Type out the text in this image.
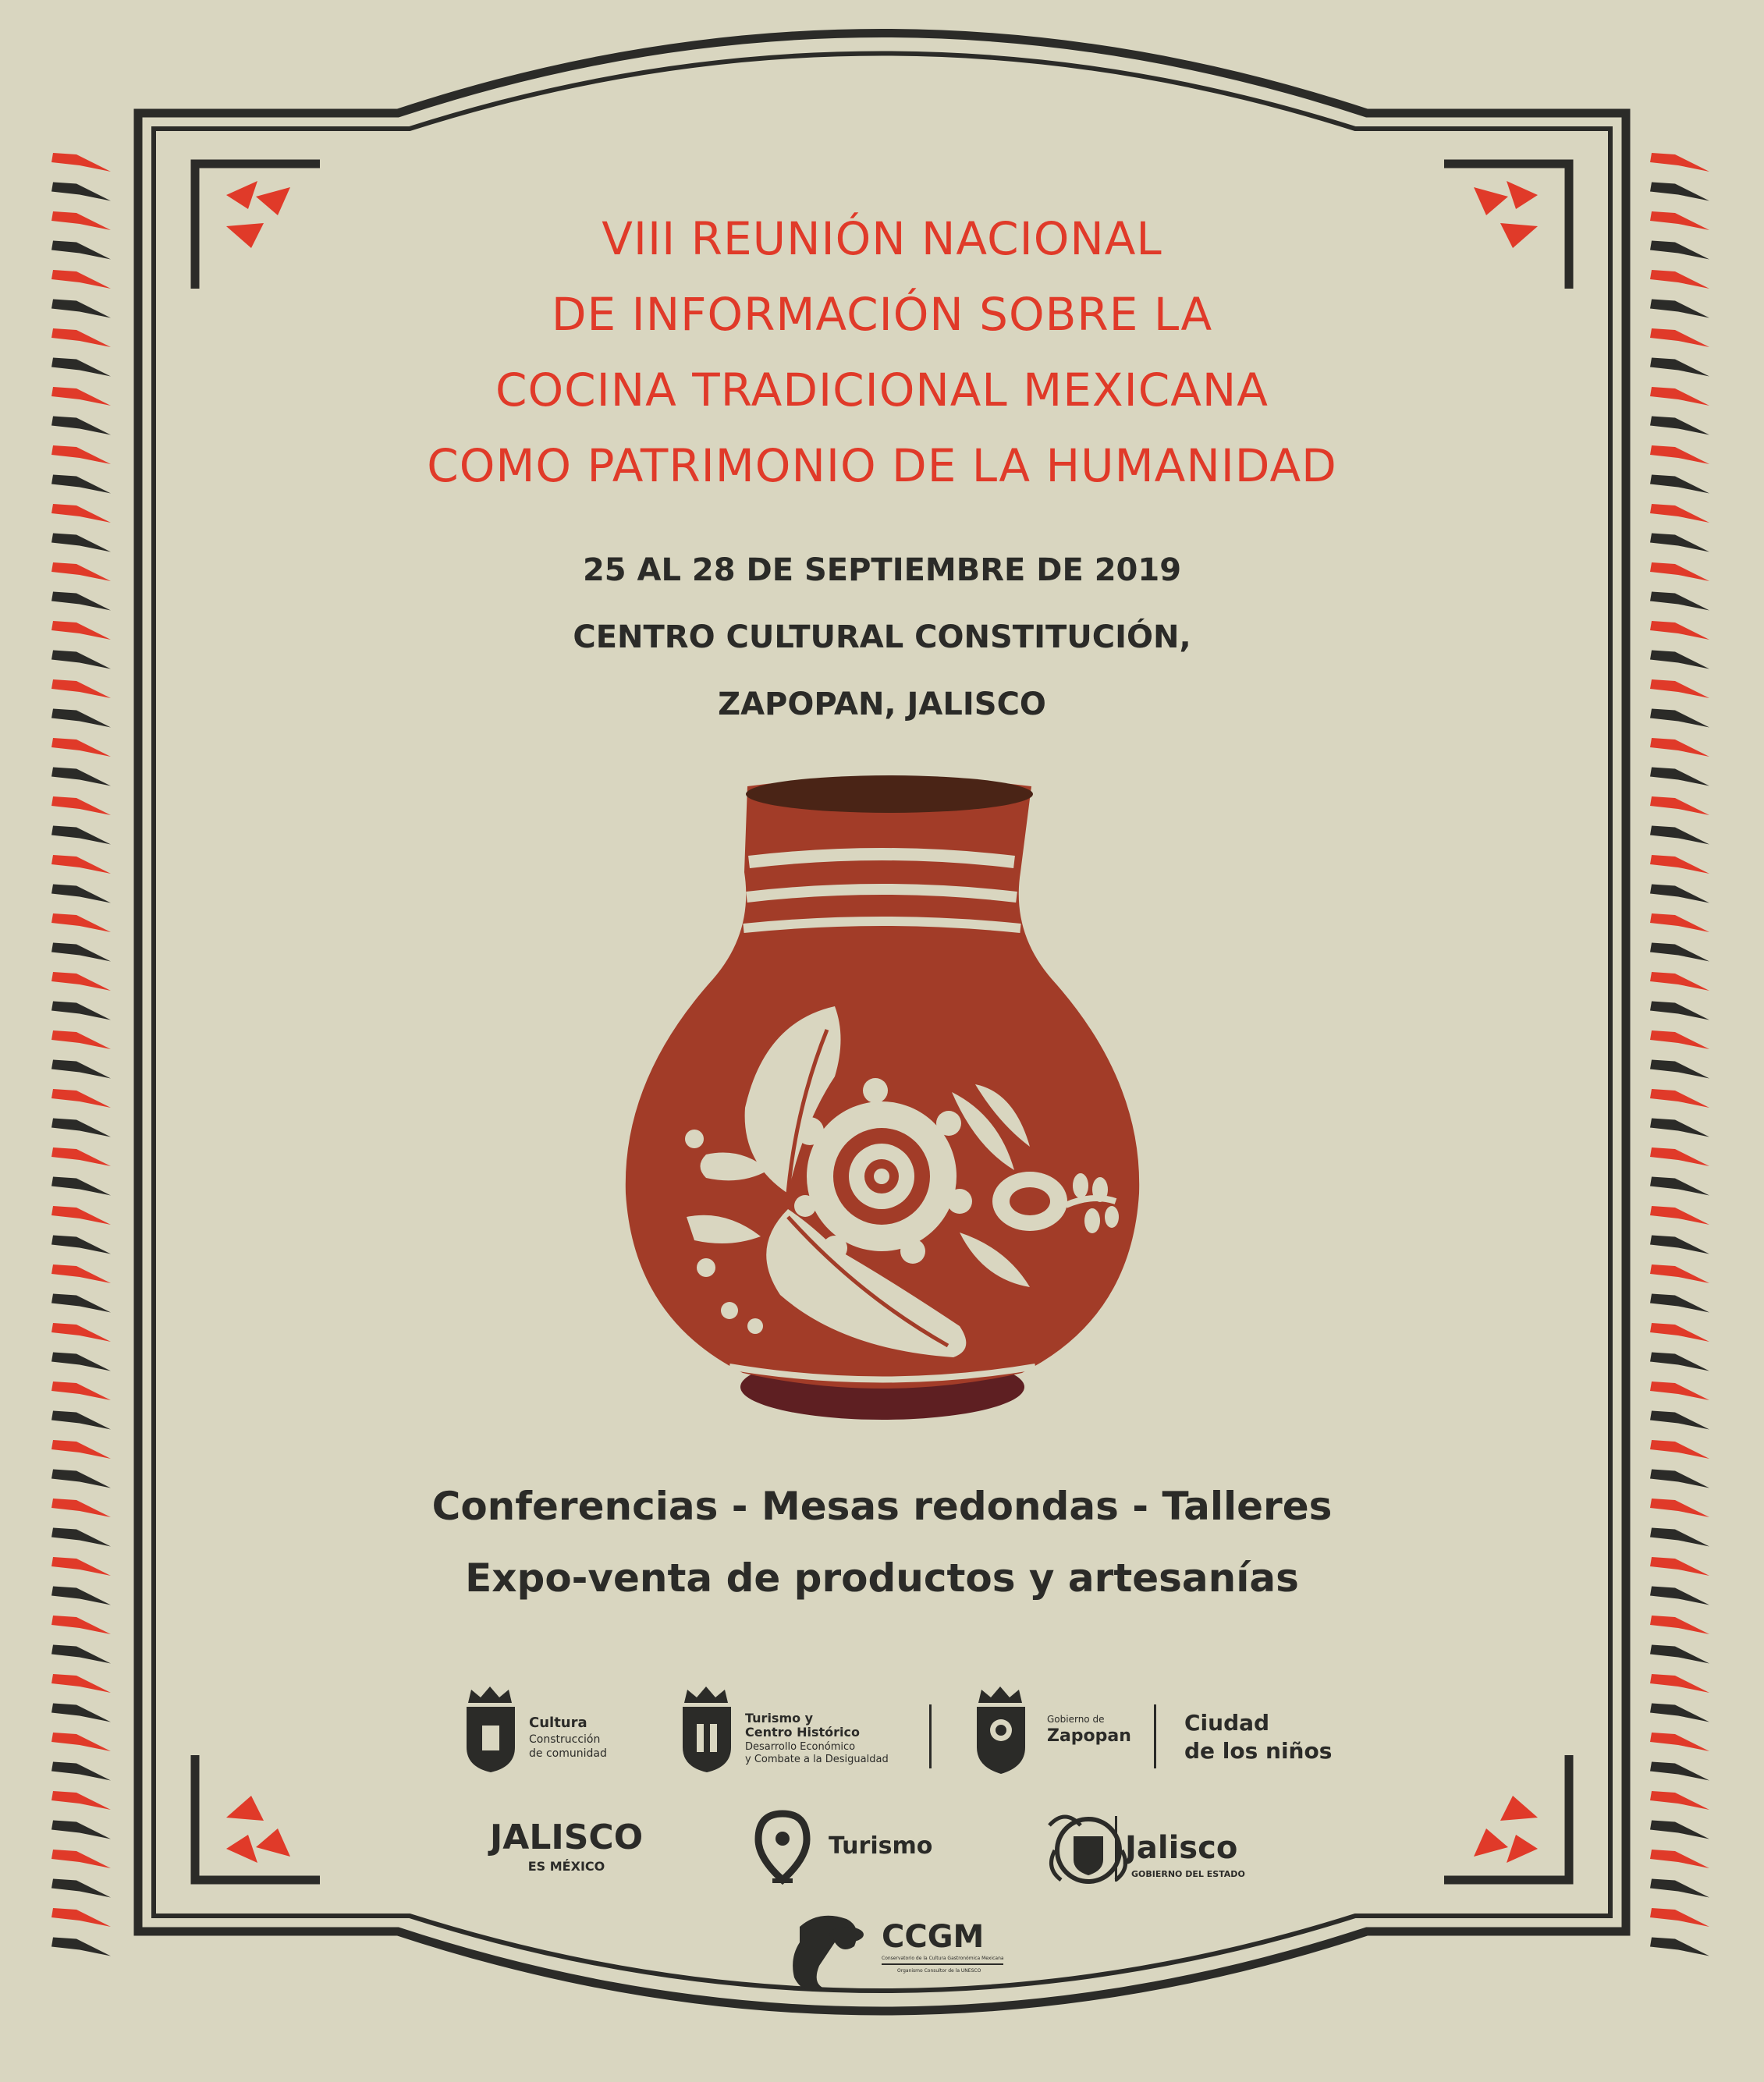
VIII REUNIÓN NACIONAL
DE INFORMACIÓN SOBRE LA
COCINA TRADICIONAL MEXICANA
COMO PATRIMONIO DE LA HUMANIDAD
25 AL 28 DE SEPTIEMBRE DE 2019
CENTRO CULTURAL CONSTITUCIÓN,
ZAPOPAN, JALISCO
Conferencias - Mesas redondas - Talleres
Expo-venta de productos y artesanías
Cultura
Construcción
de comunidad
Turismo y
Centro Histórico
Desarrollo Económico
y Combate a la Desigualdad
Gobierno de
Zapopan
Ciudad
de los niños
JALISCO
ES MÉXICO
Turismo	Jalisco
GOBIERNO DEL ESTADO
CCGM
Conservatorio de la Cultura Gastronómica Mexicana
Organismo Consultor de la UNESCO
